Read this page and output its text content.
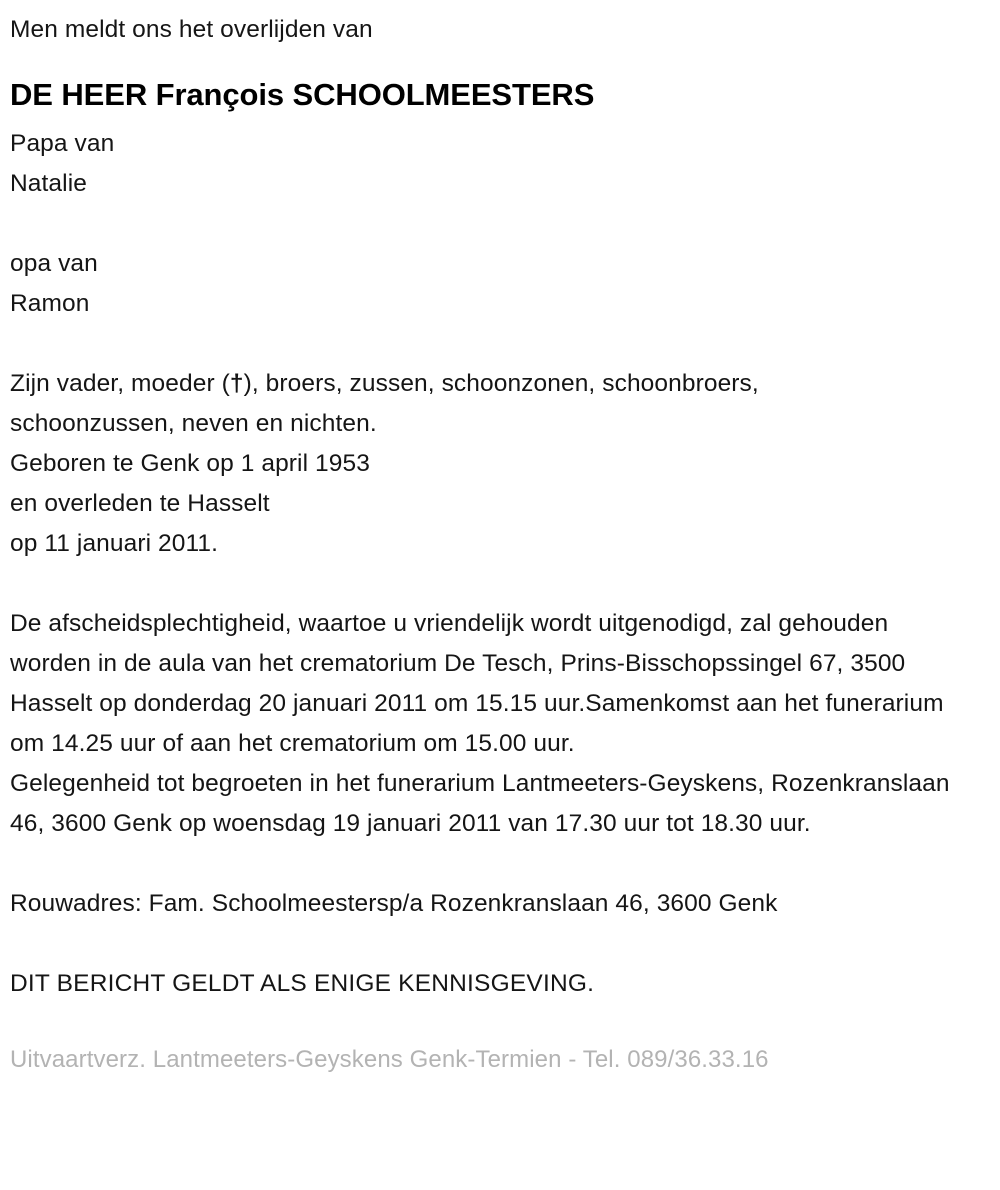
Men meldt ons het overlijden van
DE HEER François SCHOOLMEESTERS
Papa van
Natalie
opa van
Ramon
Zijn vader, moeder (†), broers, zussen, schoonzonen, schoonbroers,
schoonzussen, neven en nichten.
Geboren te Genk op 1 april 1953
en overleden te Hasselt
op 11 januari 2011.
De afscheidsplechtigheid, waartoe u vriendelijk wordt uitgenodigd, zal gehouden worden in de aula van het crematorium De Tesch, Prins-Bisschopssingel 67, 3500 Hasselt op donderdag 20 januari 2011 om 15.15 uur.Samenkomst aan het funerarium om 14.25 uur of aan het crematorium om 15.00 uur.
Gelegenheid tot begroeten in het funerarium Lantmeeters-Geyskens, Rozenkranslaan 46, 3600 Genk op woensdag 19 januari 2011 van 17.30 uur tot 18.30 uur.
Rouwadres: Fam. Schoolmeestersp/a Rozenkranslaan 46, 3600 Genk
DIT BERICHT GELDT ALS ENIGE KENNISGEVING.
Uitvaartverz. Lantmeeters-Geyskens Genk-Termien - Tel. 089/36.33.16
